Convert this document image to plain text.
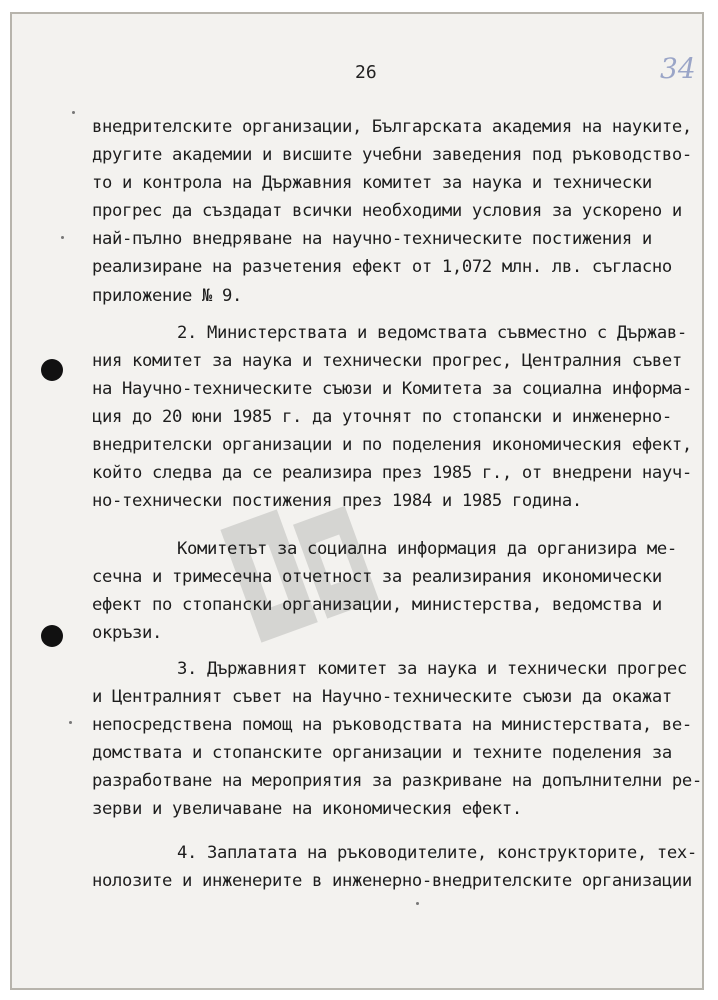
26	34

внедрителските организации, Българската академия на науките,

другите академии и висшите учебни заведения под ръководство-

то и контрола на Държавния комитет за наука и технически

прогрес да създадат всички необходими условия за ускорено и

най-пълно внедряване на научно-техническите постижения и

реализиране на разчетения ефект от 1,072 млн. лв. съгласно

приложение № 9.

2. Министерствата и ведомствата съвместно с Държав-

ния комитет за наука и технически прогрес, Централния съвет

на Научно-техническите съюзи и Комитета за социална информа-

ция до 20 юни 1985 г. да уточнят по стопански и инженерно-

внедрителски организации и по поделения икономическия ефект,

който следва да се реализира през 1985 г., от внедрени науч-

но-технически постижения през 1984 и 1985 година.

Комитетът за социална информация да организира ме-

сечна и тримесечна отчетност за реализирания икономически

ефект по стопански организации, министерства, ведомства и

окръзи.

3. Държавният комитет за наука и технически прогрес

и Централният съвет на Научно-техническите съюзи да окажат

непосредствена помощ на ръководствата на министерствата, ве-

домствата и стопанските организации и техните поделения за

разработване на мероприятия за разкриване на допълнителни ре-

зерви и увеличаване на икономическия ефект.

4. Заплатата на ръководителите, конструкторите, тех-

нолозите и инженерите в инженерно-внедрителските организации
